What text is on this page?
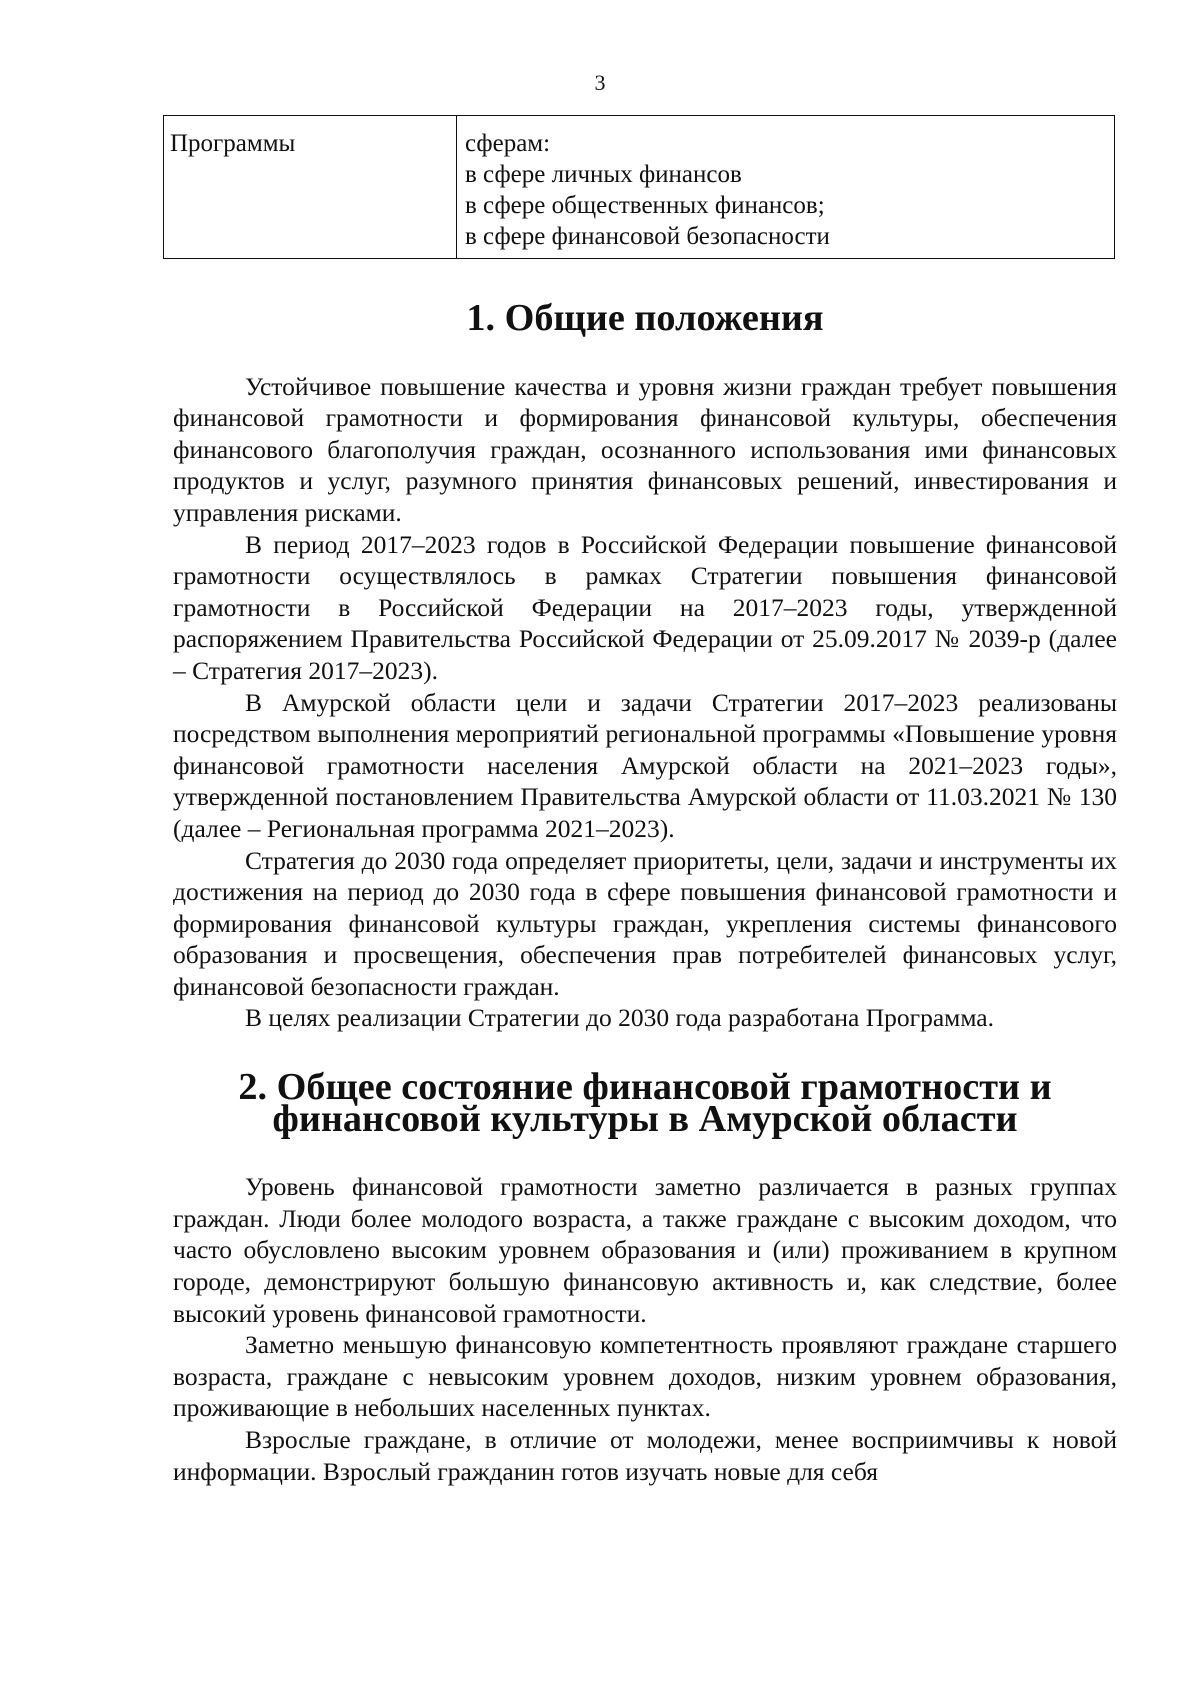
3
Программы	сферам:
в сфере личных финансов
в сфере общественных финансов;
в сфере финансовой безопасности
1. Общие положения

Устойчивое повышение качества и уровня жизни граждан требует повышения финансовой грамотности и формирования финансовой культуры, обеспечения финансового благополучия граждан, осознанного использования ими финансовых продуктов и услуг, разумного принятия финансовых решений, инвестирования и управления рисками.

В период 2017–2023 годов в Российской Федерации повышение финансовой грамотности осуществлялось в рамках Стратегии повышения финансовой грамотности в Российской Федерации на 2017–2023 годы, утвержденной распоряжением Правительства Российской Федерации от 25.09.2017 № 2039-р (далее – Стратегия 2017–2023).

В Амурской области цели и задачи Стратегии 2017–2023 реализованы посредством выполнения мероприятий региональной программы «Повышение уровня финансовой грамотности населения Амурской области на 2021–2023 годы», утвержденной постановлением Правительства Амурской области от 11.03.2021 № 130 (далее – Региональная программа 2021–2023).

Стратегия до 2030 года определяет приоритеты, цели, задачи и инструменты их достижения на период до 2030 года в сфере повышения финансовой грамотности и формирования финансовой культуры граждан, укрепления системы финансового образования и просвещения, обеспечения прав потребителей финансовых услуг, финансовой безопасности граждан.

В целях реализации Стратегии до 2030 года разработана Программа.

2. Общее состояние финансовой грамотности и
финансовой культуры в Амурской области

Уровень финансовой грамотности заметно различается в разных группах граждан. Люди более молодого возраста, а также граждане с высоким доходом, что часто обусловлено высоким уровнем образования и (или) проживанием в крупном городе, демонстрируют большую финансовую активность и, как следствие, более высокий уровень финансовой грамотности.

Заметно меньшую финансовую компетентность проявляют граждане старшего возраста, граждане с невысоким уровнем доходов, низким уровнем образования, проживающие в небольших населенных пунктах.

Взрослые граждане, в отличие от молодежи, менее восприимчивы к новой информации. Взрослый гражданин готов изучать новые для себя
